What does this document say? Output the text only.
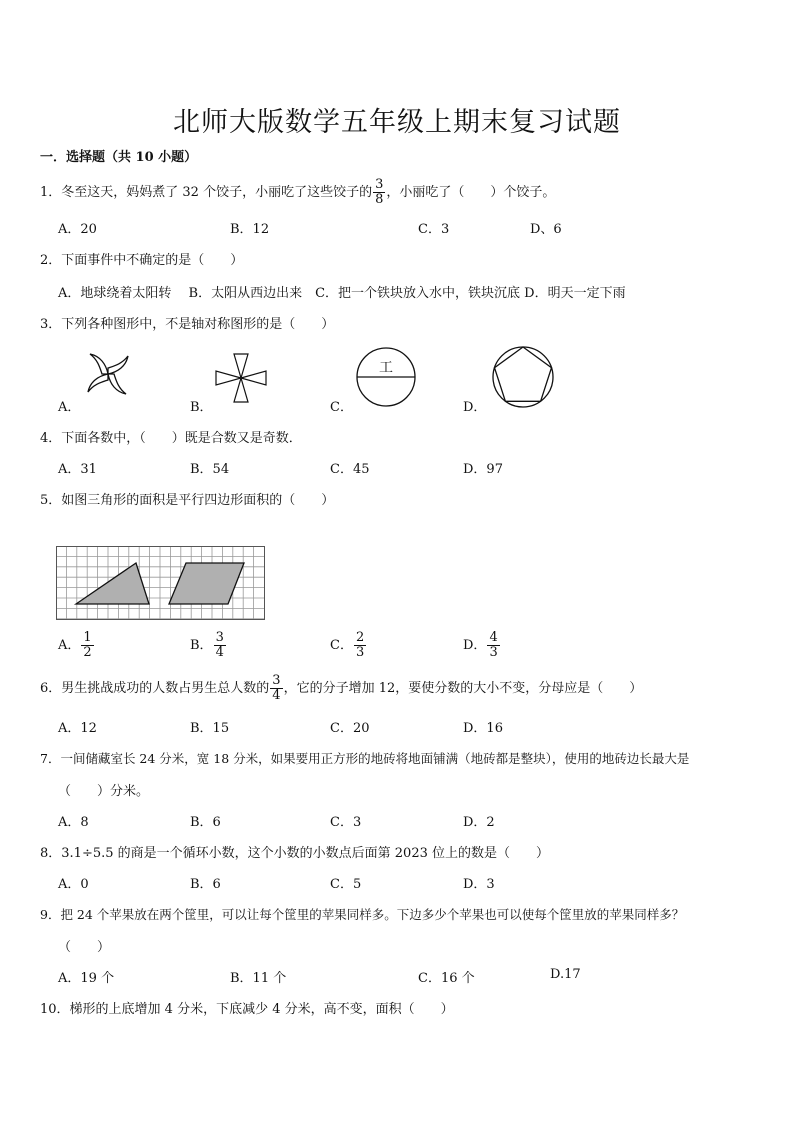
北师大版数学五年级上期末复习试题
一．选择题（共 10 小题）
1．冬至这天，妈妈煮了 32 个饺子，小丽吃了这些饺子的 $\frac{3}{8}$ ，小丽吃了（　　）个饺子。
A．20	B．12	C．3	D、6
2．下面事件中不确定的是（　　）
A．地球绕着太阳转　 B．太阳从西边出来　C．把一个铁块放入水中，铁块沉底 D．明天一定下雨
3．下列各种图形中，不是轴对称图形的是（　　）
A．	B．
工
C．	D．
4．下面各数中，（　　）既是合数又是奇数．
A．31	B．54	C．45	D．97
5．如图三角形的面积是平行四边形面积的（　　）
A． $\frac{1}{2}$	B． $\frac{3}{4}$	C． $\frac{2}{3}$	D． $\frac{4}{3}$
6．男生挑战成功的人数占男生总人数的 $\frac{3}{4}$ ，它的分子增加 12，要使分数的大小不变，分母应是（　　）
A．12	B．15	C．20	D．16
7．一间储藏室长 24 分米，宽 18 分米，如果要用正方形的地砖将地面铺满（地砖都是整块），使用的地砖边长最大是
（　　）分米。
A．8	B．6	C．3	D．2
8．3.1÷5.5 的商是一个循环小数，这个小数的小数点后面第 2023 位上的数是（　　）
A．0	B．6	C．5	D．3
9．把 24 个苹果放在两个筐里，可以让每个筐里的苹果同样多。下边多少个苹果也可以使每个筐里放的苹果同样多？
（　　）
A．19 个	B．11 个	C．16 个	D.17
10．梯形的上底增加 4 分米，下底减少 4 分米，高不变，面积（　　）
